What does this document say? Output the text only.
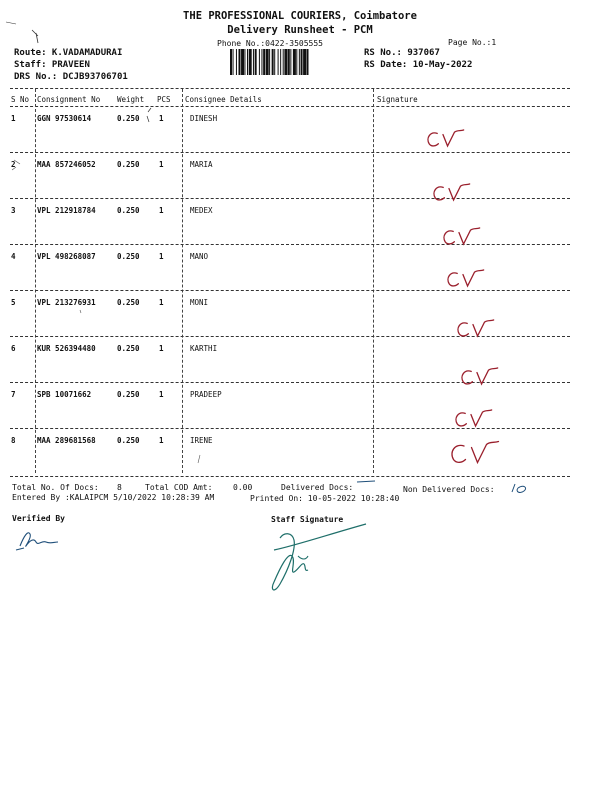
THE PROFESSIONAL COURIERS, Coimbatore
Delivery Runsheet - PCM
Phone No.:0422-3505555	Page No.:1
Route: K.VADAMADURAI
Staff: PRAVEEN
DRS No.: DCJB93706701
RS No.: 937067
RS Date: 10-May-2022
S No Consignment No Weight PCS Consignee Details	Signature
1	GGN 97530614	0.250	1	DINESH
2	MAA 857246052	0.250	1	MARIA
3	VPL 212918784	0.250	1	MEDEX
4	VPL 498268087	0.250	1	MANO
5	VPL 213276931	0.250	1	MONI
6	KUR 526394480	0.250	1	KARTHI
7	SPB 10071662	0.250	1	PRADEEP
8	MAA 289681568	0.250	1	IRENE
Total No. Of Docs: 8	Total COD Amt:	0.00	Delivered Docs:	Non Delivered Docs:
Entered By :KALAIPCM 5/10/2022 10:28:39 AM	Printed On: 10-05-2022 10:28:40
Verified By	Staff Signature
